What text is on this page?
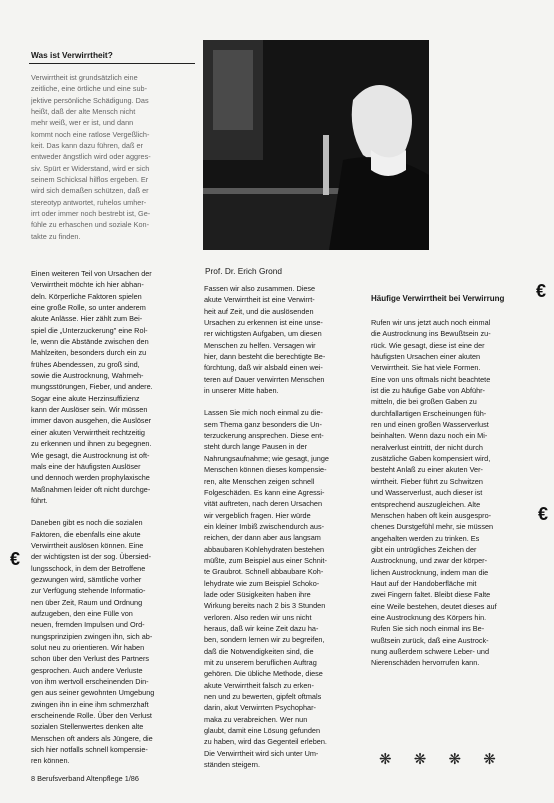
Was ist Verwirrtheit?
Verwirrtheit ist grundsätzlich eine
zeitliche, eine örtliche und eine sub-
jektive persönliche Schädigung. Das
heißt, daß der alte Mensch nicht
mehr weiß, wer er ist, und dann
kommt noch eine ratlose Vergeßlich-
keit. Das kann dazu führen, daß er
entweder ängstlich wird oder aggres-
siv. Spürt er Widerstand, wird er sich
seinem Schicksal hilflos ergeben. Er
wird sich demaßen schützen, daß er
stereotyp antwortet, ruhelos umher-
irrt oder immer noch bestrebt ist, Ge-
fühle zu erhaschen und soziale Kon-
takte zu finden.
Prof. Dr. Erich Grond
Einen weiteren Teil von Ursachen der
Verwirrtheit möchte ich hier abhan-
deln. Körperliche Faktoren spielen
eine große Rolle, so unter anderem
akute Anlässe. Hier zählt zum Bei-
spiel die „Unterzuckerung" eine Rol-
le, wenn die Abstände zwischen den
Mahlzeiten, besonders durch ein zu
frühes Abendessen, zu groß sind,
sowie die Austrocknung, Wahrneh-
mungsstörungen, Fieber, und andere.
Sogar eine akute Herzinsuffizienz
kann der Auslöser sein. Wir müssen
immer davon ausgehen, die Auslöser
einer akuten Verwirrtheit rechtzeitig
zu erkennen und ihnen zu begegnen.
Wie gesagt, die Austrocknung ist oft-
mals eine der häufigsten Auslöser
und dennoch werden prophylaxische
Maßnahmen leider oft nicht durchge-
führt.
Daneben gibt es noch die sozialen
Faktoren, die ebenfalls eine akute
Verwirrtheit auslösen können. Eine
der wichtigsten ist der sog. Übersied-
lungsschock, in dem der Betroffene
gezwungen wird, sämtliche vorher
zur Verfügung stehende Informatio-
nen über Zeit, Raum und Ordnung
aufzugeben, den eine Fülle von
neuen, fremden Impulsen und Ord-
nungsprinzipien zwingen ihn, sich ab-
solut neu zu orientieren. Wir haben
schon über den Verlust des Partners
gesprochen. Auch andere Verluste
von ihm wertvoll erscheinenden Din-
gen aus seiner gewohnten Umgebung
zwingen ihn in eine ihm schmerzhaft
erscheinende Rolle. Über den Verlust
sozialen Stellenwertes denken alte
Menschen oft anders als Jüngere, die
sich hier notfalls schnell kompensie-
ren können.
Fassen wir also zusammen. Diese
akute Verwirrtheit ist eine Verwirrt-
heit auf Zeit, und die auslösenden
Ursachen zu erkennen ist eine unse-
rer wichtigsten Aufgaben, um diesen
Menschen zu helfen. Versagen wir
hier, dann besteht die berechtigte Be-
fürchtung, daß wir alsbald einen wei-
teren auf Dauer verwirrten Menschen
in unserer Mitte haben.
Lassen Sie mich noch einmal zu die-
sem Thema ganz besonders die Un-
terzuckerung ansprechen. Diese ent-
steht durch lange Pausen in der
Nahrungsaufnahme; wie gesagt, junge
Menschen können dieses kompensie-
ren, alte Menschen zeigen schnell
Folgeschäden. Es kann eine Agressi-
vität auftreten, nach deren Ursachen
wir vergeblich fragen. Hier würde
ein kleiner Imbiß zwischendurch aus-
reichen, der dann aber aus langsam
abbaubaren Kohlehydraten bestehen
müßte, zum Beispiel aus einer Schnit-
te Graubrot. Schnell abbaubare Koh-
lehydrate wie zum Beispiel Schoko-
lade oder Süsigkeiten haben ihre
Wirkung bereits nach 2 bis 3 Stunden
verloren. Also reden wir uns nicht
heraus, daß wir keine Zeit dazu ha-
ben, sondern lernen wir zu begreifen,
daß die Notwendigkeiten sind, die
mit zu unserem beruflichen Auftrag
gehören. Die übliche Methode, diese
akute Verwirrtheit falsch zu erken-
nen und zu bewerten, gipfelt oftmals
darin, akut Verwirrten Psychophar-
maka zu verabreichen. Wer nun
glaubt, damit eine Lösung gefunden
zu haben, wird das Gegenteil erleben.
Die Verwirrtheit wird sich unter Um-
ständen steigern.
Häufige Verwirrtheit bei Verwirrung
Rufen wir uns jetzt auch noch einmal
die Austrocknung ins Bewußtsein zu-
rück. Wie gesagt, diese ist eine der
häufigsten Ursachen einer akuten
Verwirrtheit. Sie hat viele Formen.
Eine von uns oftmals nicht beachtete
ist die zu häufige Gabe von Abführ-
mitteln, die bei großen Gaben zu
durchfallartigen Erscheinungen füh-
ren und einen großen Wasserverlust
beinhalten. Wenn dazu noch ein Mi-
neralverlust eintritt, der nicht durch
zusätzliche Gaben kompensiert wird,
besteht Anlaß zu einer akuten Ver-
wirrtheit. Fieber führt zu Schwitzen
und Wasserverlust, auch dieser ist
entsprechend auszugleichen. Alte
Menschen haben oft kein ausgespro-
chenes Durstgefühl mehr, sie müssen
angehalten werden zu trinken. Es
gibt ein untrügliches Zeichen der
Austrocknung, und zwar der körper-
lichen Austrocknung, indem man die
Haut auf der Handoberfläche mit
zwei Fingern faltet. Bleibt diese Falte
eine Weile bestehen, deutet dieses auf
eine Austrocknung des Körpers hin.
Rufen Sie sich noch einmal ins Be-
wußtsein zurück, daß eine Austrock-
nung außerdem schwere Leber- und
Nierenschäden hervorrufen kann.
€
€
€
❋ ❋ ❋ ❋
8 Berufsverband Altenpflege 1/86
